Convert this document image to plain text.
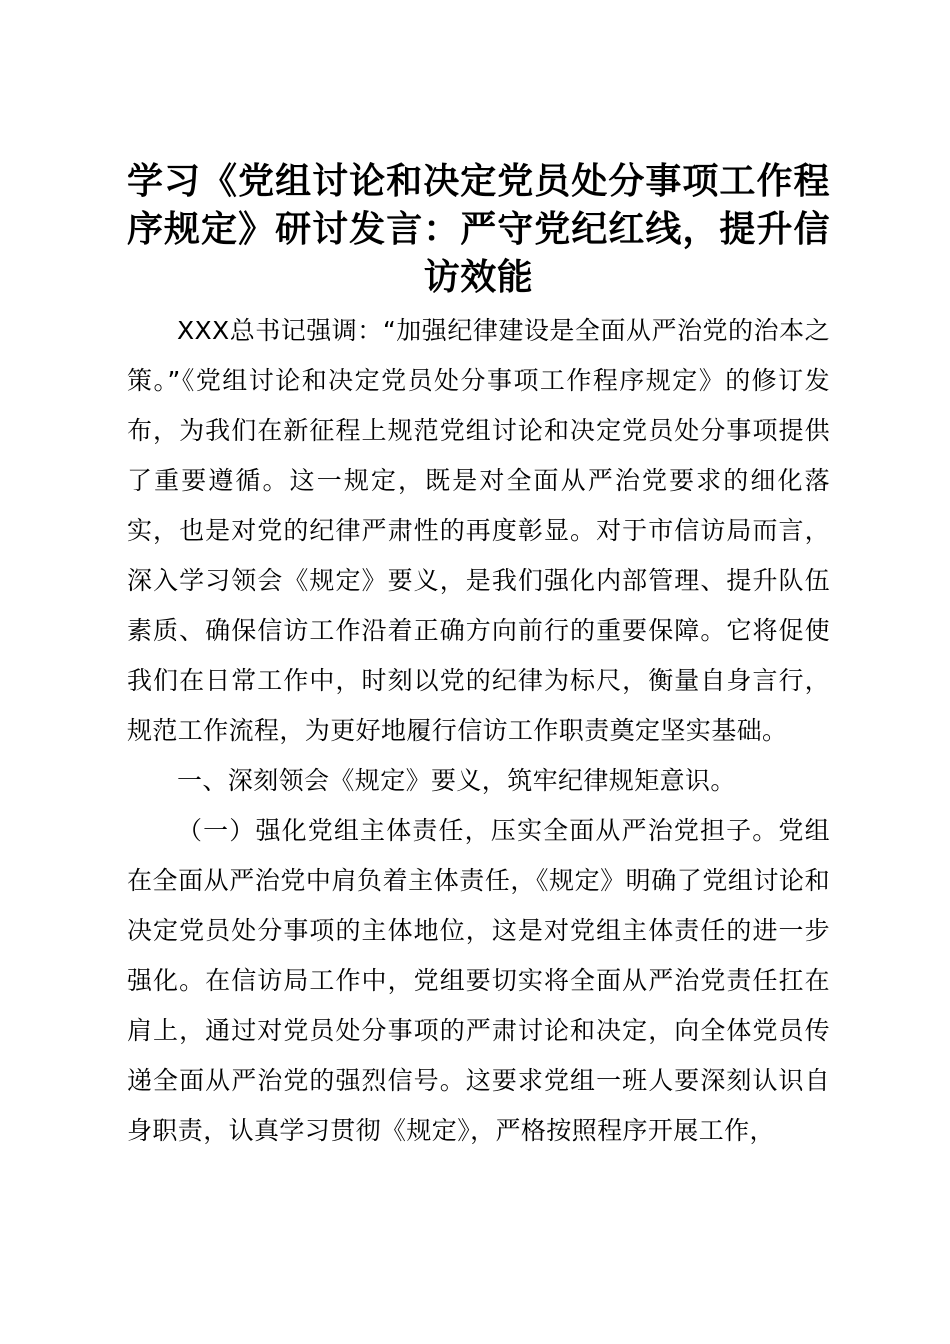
学习《党组讨论和决定党员处分事项工作程序规定》研讨发言：严守党纪红线，提升信访效能

XXX总书记强调：“加强纪律建设是全面从严治党的治本之策。”《党组讨论和决定党员处分事项工作程序规定》的修订发布，为我们在新征程上规范党组讨论和决定党员处分事项提供了重要遵循。这一规定，既是对全面从严治党要求的细化落实，也是对党的纪律严肃性的再度彰显。对于市信访局而言，深入学习领会《规定》要义，是我们强化内部管理、提升队伍素质、确保信访工作沿着正确方向前行的重要保障。它将促使我们在日常工作中，时刻以党的纪律为标尺，衡量自身言行，规范工作流程，为更好地履行信访工作职责奠定坚实基础。

一、深刻领会《规定》要义，筑牢纪律规矩意识。

（一）强化党组主体责任，压实全面从严治党担子。党组在全面从严治党中肩负着主体责任，《规定》明确了党组讨论和决定党员处分事项的主体地位，这是对党组主体责任的进一步强化。在信访局工作中，党组要切实将全面从严治党责任扛在肩上，通过对党员处分事项的严肃讨论和决定，向全体党员传递全面从严治党的强烈信号。这要求党组一班人要深刻认识自身职责，认真学习贯彻《规定》，严格按照程序开展工作，
